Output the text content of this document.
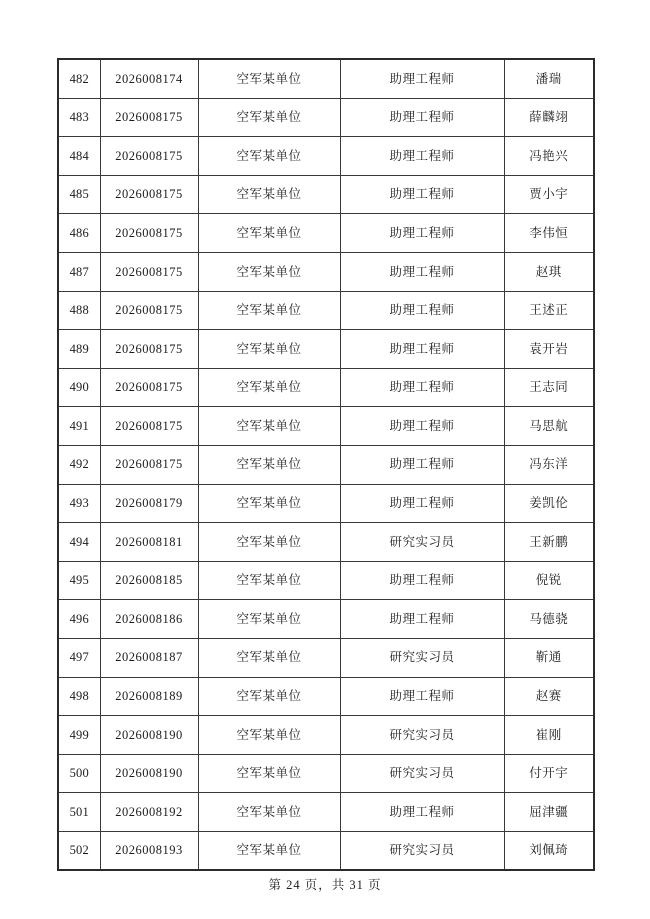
482	2026008174	空军某单位	助理工程师	潘瑞
483	2026008175	空军某单位	助理工程师	薛麟翊
484	2026008175	空军某单位	助理工程师	冯艳兴
485	2026008175	空军某单位	助理工程师	贾小宇
486	2026008175	空军某单位	助理工程师	李伟恒
487	2026008175	空军某单位	助理工程师	赵琪
488	2026008175	空军某单位	助理工程师	王述正
489	2026008175	空军某单位	助理工程师	袁开岩
490	2026008175	空军某单位	助理工程师	王志同
491	2026008175	空军某单位	助理工程师	马思航
492	2026008175	空军某单位	助理工程师	冯东洋
493	2026008179	空军某单位	助理工程师	姜凯伦
494	2026008181	空军某单位	研究实习员	王新鹏
495	2026008185	空军某单位	助理工程师	倪锐
496	2026008186	空军某单位	助理工程师	马德骁
497	2026008187	空军某单位	研究实习员	靳通
498	2026008189	空军某单位	助理工程师	赵赛
499	2026008190	空军某单位	研究实习员	崔刚
500	2026008190	空军某单位	研究实习员	付开宇
501	2026008192	空军某单位	助理工程师	屈津疆
502	2026008193	空军某单位	研究实习员	刘佩琦
第 24 页，共 31 页
